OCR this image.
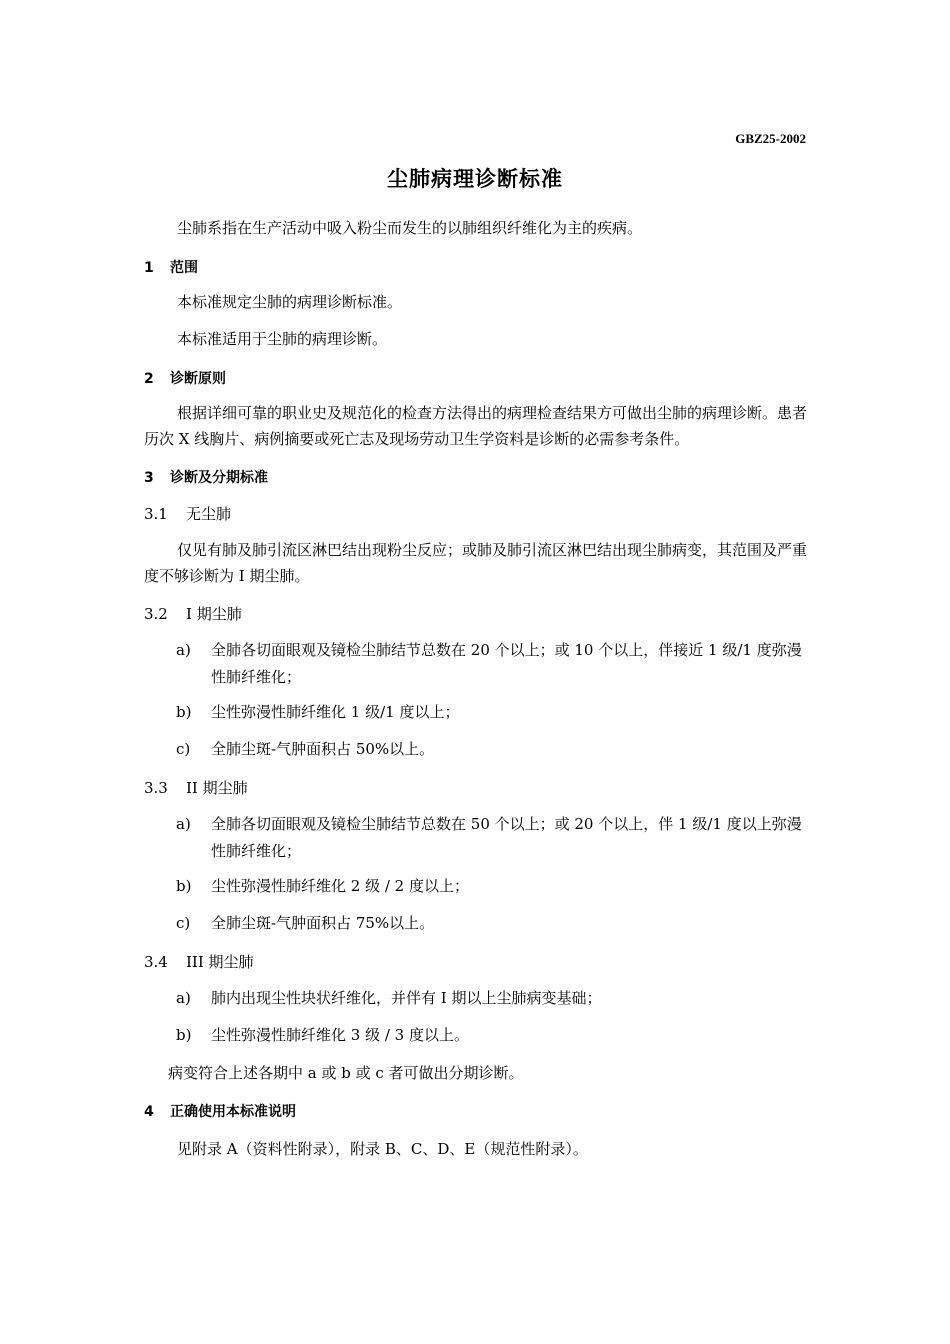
GBZ25-2002
尘肺病理诊断标准
尘肺系指在生产活动中吸入粉尘而发生的以肺组织纤维化为主的疾病。
1 范围
本标准规定尘肺的病理诊断标准。
本标准适用于尘肺的病理诊断。
2 诊断原则
根据详细可靠的职业史及规范化的检查方法得出的病理检查结果方可做出尘肺的病理诊断。患者历次 X 线胸片、病例摘要或死亡志及现场劳动卫生学资料是诊断的必需参考条件。
3 诊断及分期标准
3.1 无尘肺
仅见有肺及肺引流区淋巴结出现粉尘反应；或肺及肺引流区淋巴结出现尘肺病变，其范围及严重度不够诊断为 I 期尘肺。
3.2 I 期尘肺
a) 全肺各切面眼观及镜检尘肺结节总数在 20 个以上；或 10 个以上，伴接近 1 级/1 度弥漫性肺纤维化；
b) 尘性弥漫性肺纤维化 1 级/1 度以上；
c) 全肺尘斑-气肿面积占 50%以上。
3.3 II 期尘肺
a) 全肺各切面眼观及镜检尘肺结节总数在 50 个以上；或 20 个以上，伴 1 级/1 度以上弥漫性肺纤维化；
b) 尘性弥漫性肺纤维化 2 级 / 2 度以上；
c) 全肺尘斑-气肿面积占 75%以上。
3.4 III 期尘肺
a) 肺内出现尘性块状纤维化，并伴有 I 期以上尘肺病变基础；
b) 尘性弥漫性肺纤维化 3 级 / 3 度以上。
病变符合上述各期中 a 或 b 或 c 者可做出分期诊断。
4 正确使用本标准说明
见附录 A（资料性附录），附录 B、C、D、E（规范性附录）。
